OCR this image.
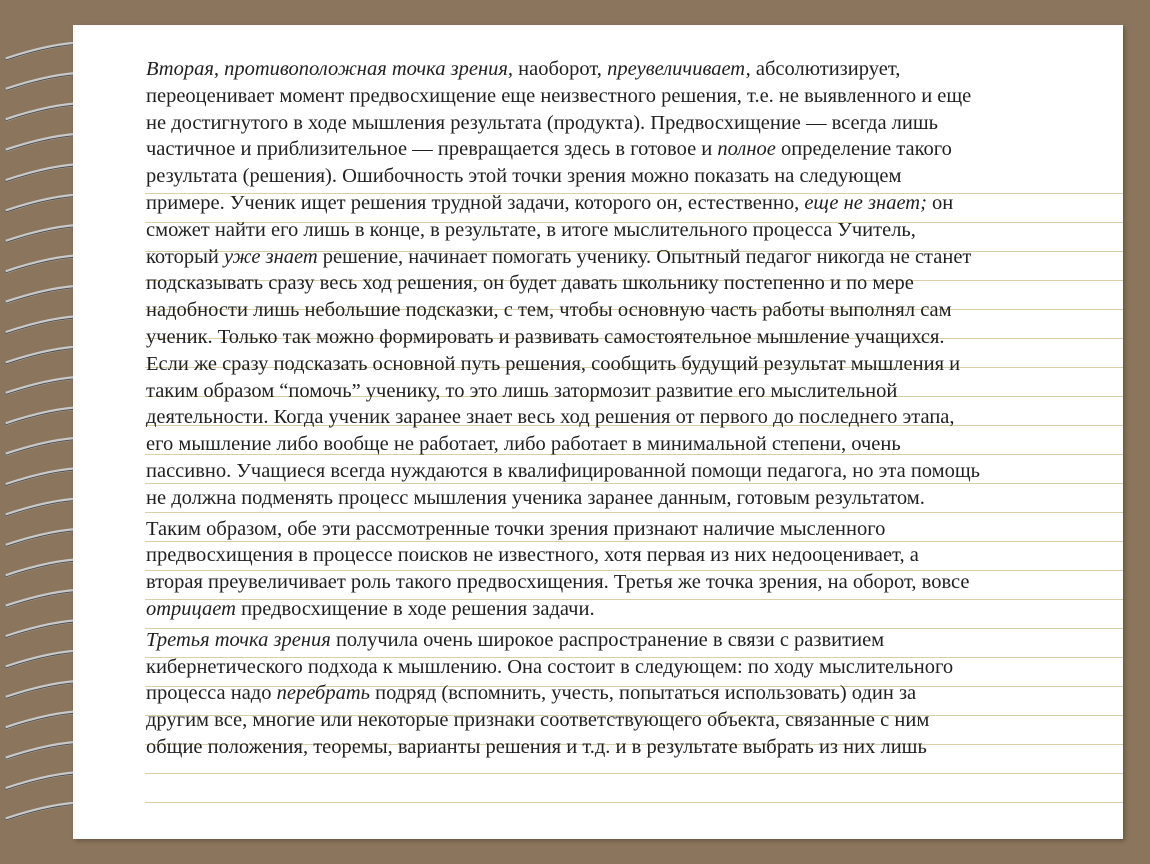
Вторая, противоположная точка зрения, наоборот, преувеличивает, абсолютизирует,
переоценивает момент предвосхищение еще неизвестного решения, т.е. не выявленного и еще
не достигнутого в ходе мышления результата (продукта). Предвосхищение — всегда лишь
частичное и приблизительное — превращается здесь в готовое и полное определение такого
результата (решения). Ошибочность этой точки зрения можно показать на следующем
примере. Ученик ищет решения трудной задачи, которого он, естественно, еще не знает; он
сможет найти его лишь в конце, в результате, в итоге мыслительного процесса Учитель,
который уже знает решение, начинает помогать ученику. Опытный педагог никогда не станет
подсказывать сразу весь ход решения, он будет давать школьнику постепенно и по мере
надобности лишь небольшие подсказки, с тем, чтобы основную часть работы выполнял сам
ученик. Только так можно формировать и развивать самостоятельное мышление учащихся.
Если же сразу подсказать основной путь решения, сообщить будущий результат мышления и
таким образом “помочь” ученику, то это лишь затормозит развитие его мыслительной
деятельности. Когда ученик заранее знает весь ход решения от первого до последнего этапа,
его мышление либо вообще не работает, либо работает в минимальной степени, очень
пассивно. Учащиеся всегда нуждаются в квалифицированной помощи педагога, но эта помощь
не должна подменять процесс мышления ученика заранее данным, готовым результатом.

Таким образом, обе эти рассмотренные точки зрения признают наличие мысленного
предвосхищения в процессе поисков не известного, хотя первая из них недооценивает, а
вторая преувеличивает роль такого предвосхищения. Третья же точка зрения, на оборот, вовсе
отрицает предвосхищение в ходе решения задачи.

Третья точка зрения получила очень широкое распространение в связи с развитием
кибернетического подхода к мышлению. Она состоит в следующем: по ходу мыслительного
процесса надо перебрать подряд (вспомнить, учесть, попытаться использовать) один за
другим все, многие или некоторые признаки соответствующего объекта, связанные с ним
общие положения, теоремы, варианты решения и т.д. и в результате выбрать из них лишь
